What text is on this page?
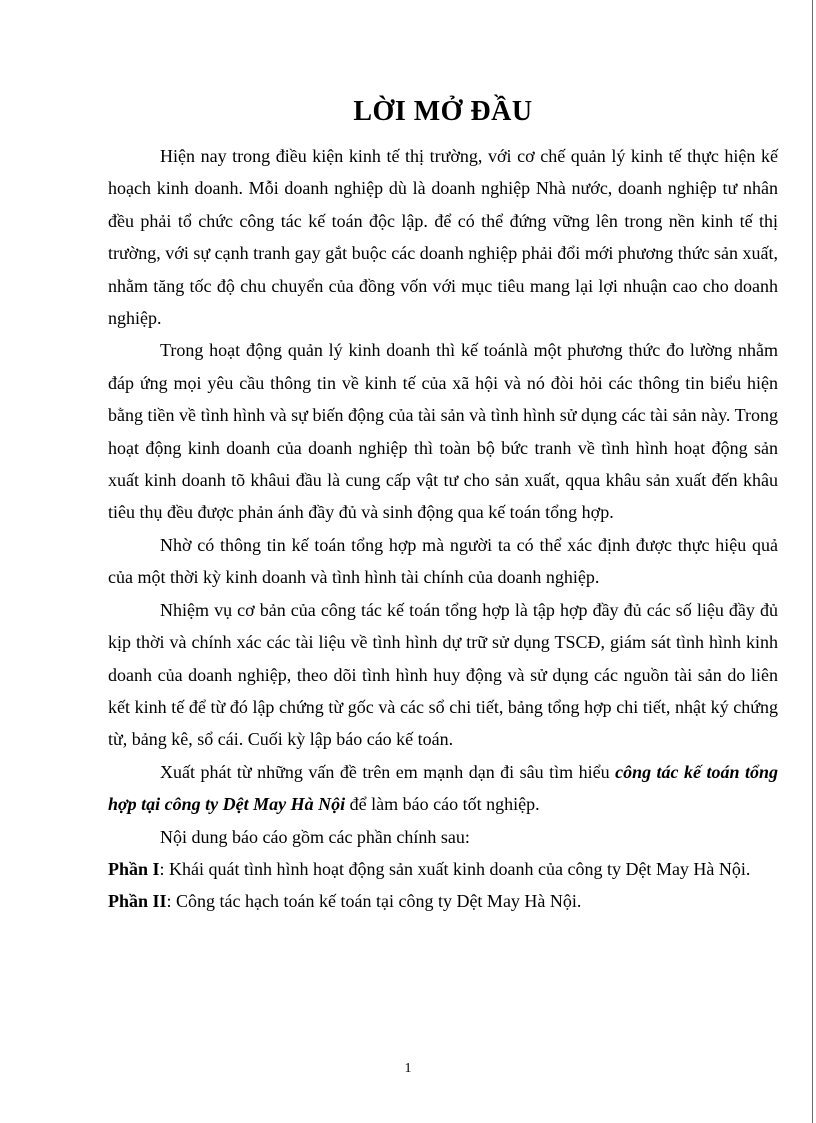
LỜI MỞ ĐẦU

Hiện nay trong điều kiện kinh tế thị trường, với cơ chế quản lý kinh tế thực hiện kế hoạch kinh doanh. Mỗi doanh nghiệp dù là doanh nghiệp Nhà nước, doanh nghiệp tư nhân đều phải tổ chức công tác kế toán độc lập. để có thể đứng vững lên trong nền kinh tế thị trường, với sự cạnh tranh gay gắt buộc các doanh nghiệp phải đổi mới phương thức sản xuất, nhằm tăng tốc độ chu chuyển của đồng vốn với mục tiêu mang lại lợi nhuận cao cho doanh nghiệp.

Trong hoạt động quản lý kinh doanh thì kế toánlà một phương thức đo lường nhằm đáp ứng mọi yêu cầu thông tin về kinh tế của xã hội và nó đòi hỏi các thông tin biểu hiện bằng tiền về tình hình và sự biến động của tài sản và tình hình sử dụng các tài sản này. Trong hoạt động kinh doanh của doanh nghiệp thì toàn bộ bức tranh về tình hình hoạt động sản xuất kinh doanh tõ khâui đầu là cung cấp vật tư cho sản xuất, qqua khâu sản xuất đến khâu tiêu thụ đều được phản ánh đầy đủ và sinh động qua kế toán tổng hợp.

Nhờ có thông tin kế toán tổng hợp mà người ta có thể xác định được thực hiệu quả của một thời kỳ kinh doanh và tình hình tài chính của doanh nghiệp.

Nhiệm vụ cơ bản của công tác kế toán tổng hợp là tập hợp đầy đủ các số liệu đầy đủ kịp thời và chính xác các tài liệu về tình hình dự trữ sử dụng TSCĐ, giám sát tình hình kinh doanh của doanh nghiệp, theo dõi tình hình huy động và sử dụng các nguồn tài sản do liên kết kinh tế để từ đó lập chứng từ gốc và các sổ chi tiết, bảng tổng hợp chi tiết, nhật ký chứng từ, bảng kê, sổ cái. Cuối kỳ lập báo cáo kế toán.

Xuất phát từ những vấn đề trên em mạnh dạn đi sâu tìm hiểu công tác kế toán tổng hợp tại công ty Dệt May Hà Nội để làm báo cáo tốt nghiệp.

Nội dung báo cáo gồm các phần chính sau:

Phần I: Khái quát tình hình hoạt động sản xuất kinh doanh của công ty Dệt May Hà Nội.

Phần II: Công tác hạch toán kế toán tại công ty Dệt May Hà Nội.

1
